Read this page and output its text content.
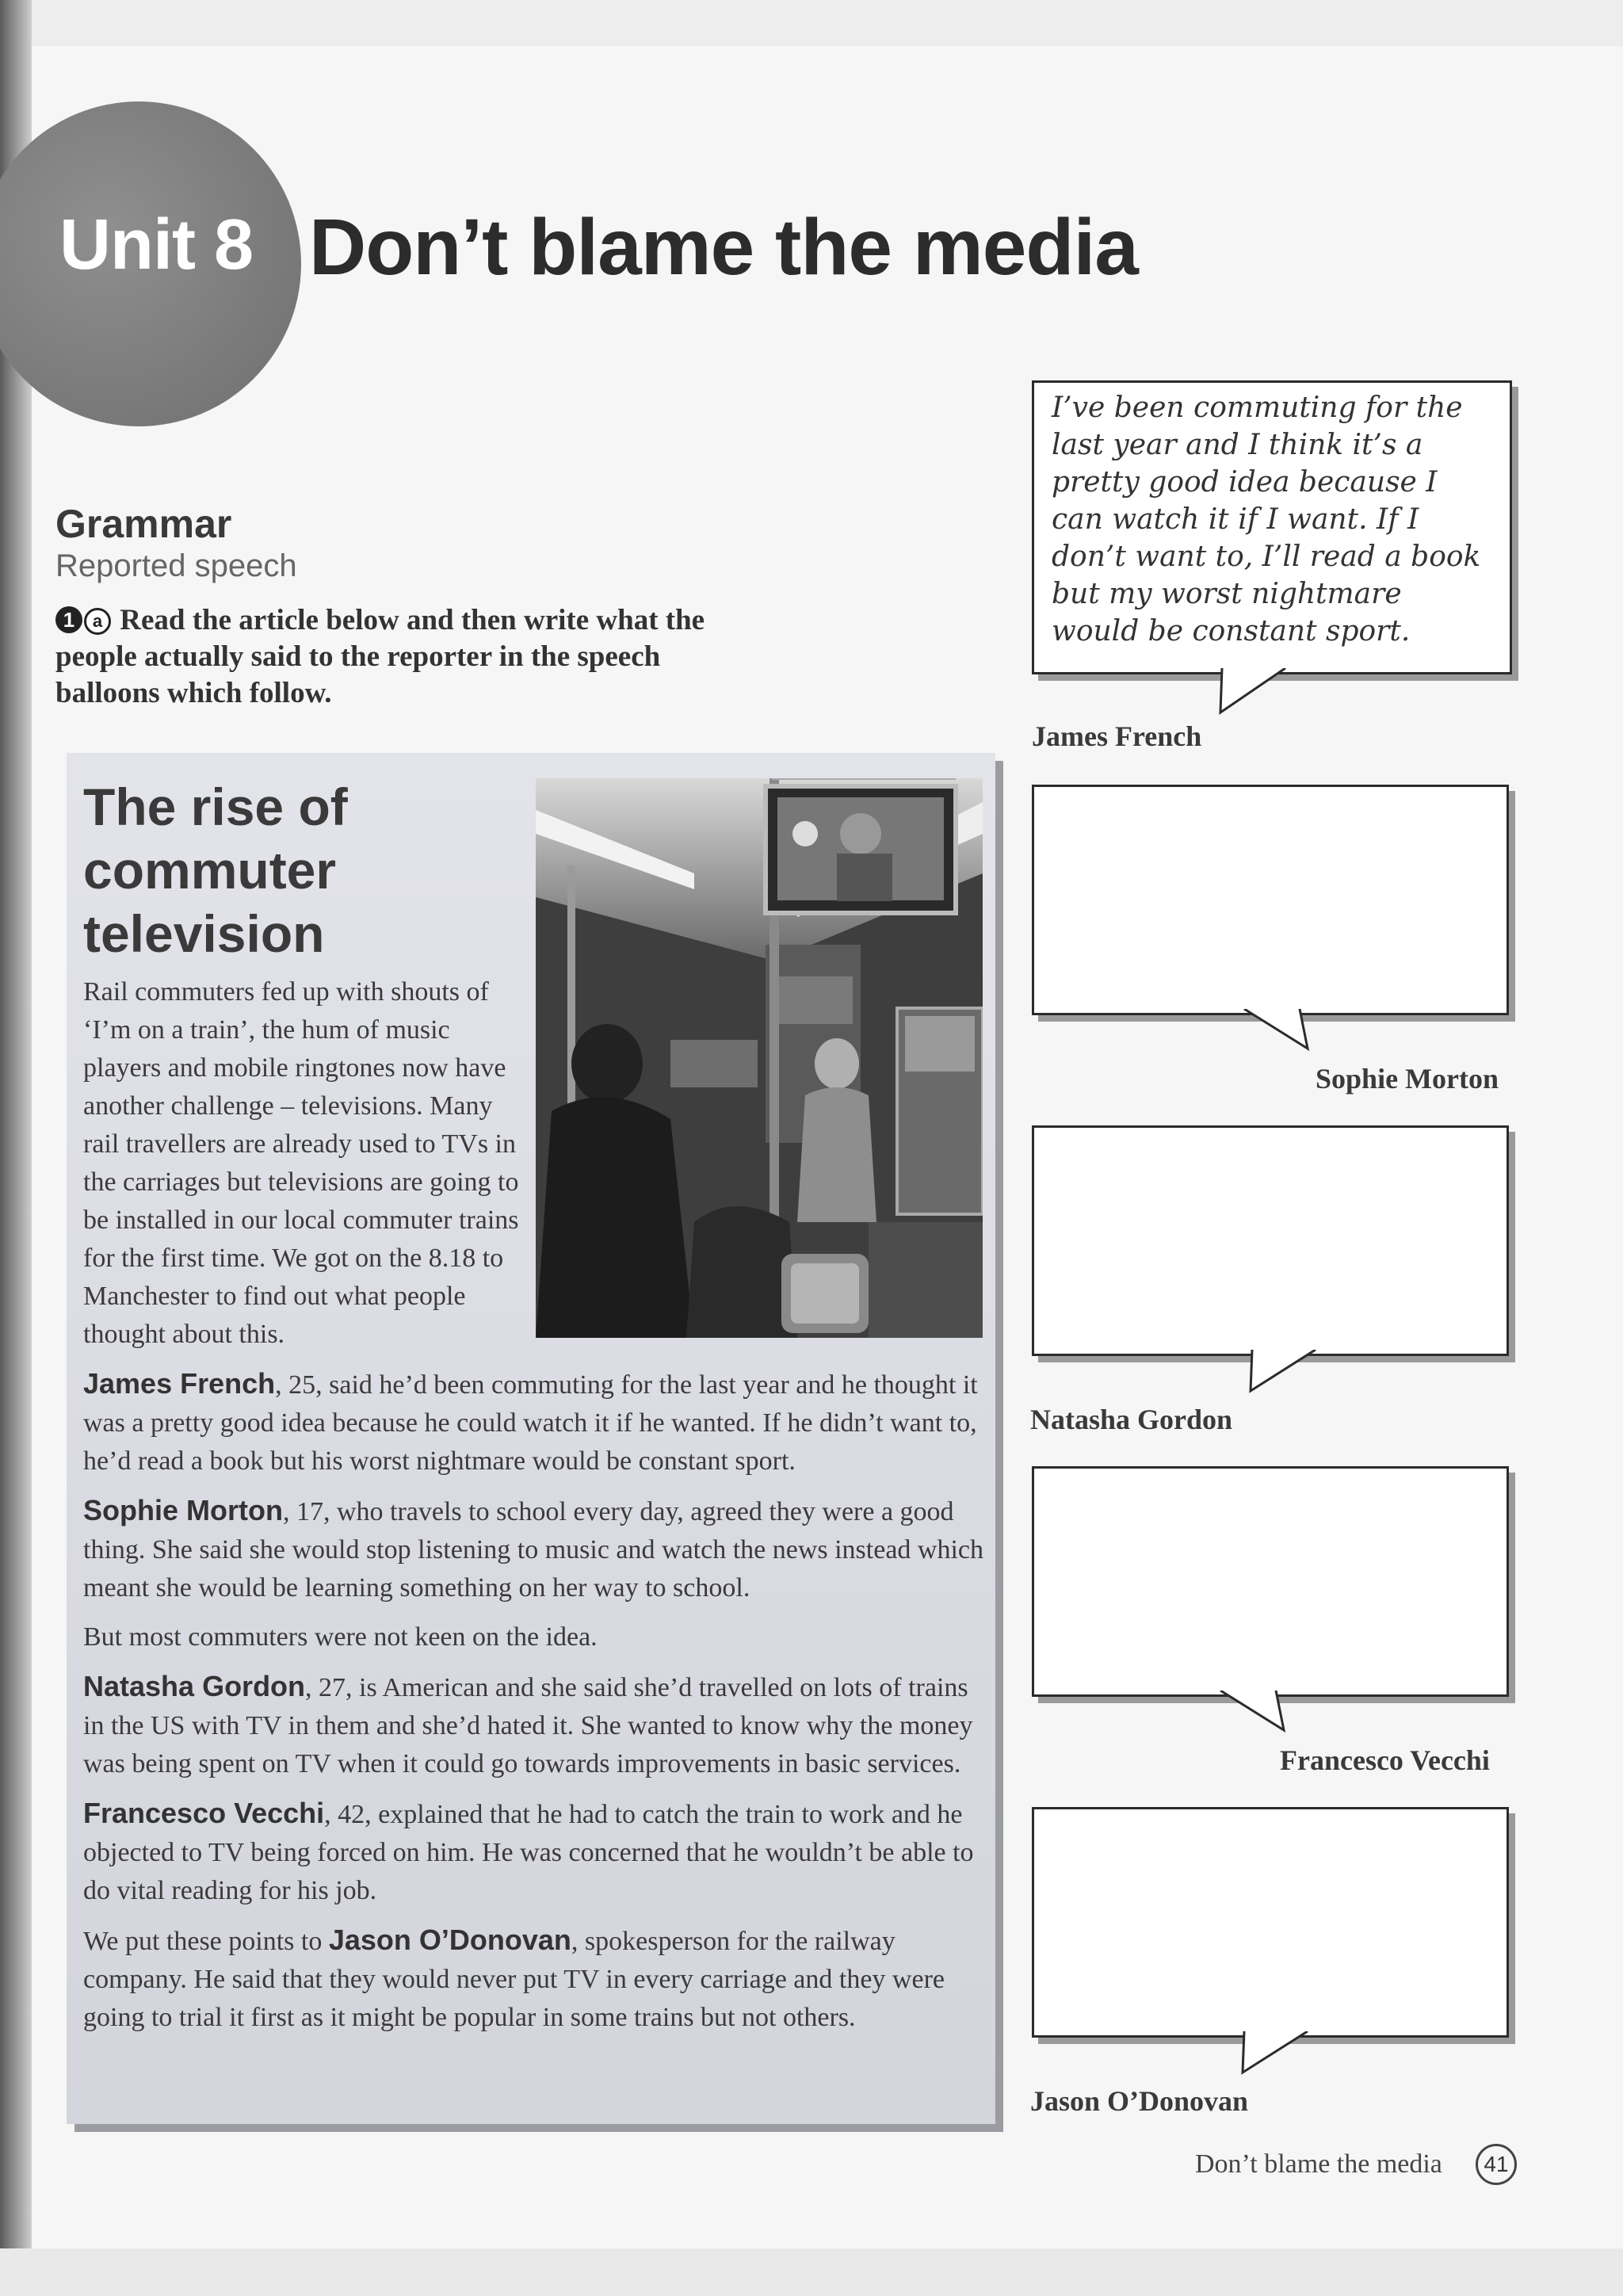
Unit 8 Don’t blame the media
Grammar
Reported speech
1 a Read the article below and then write what the people actually said to the reporter in the speech balloons which follow.
The rise of commuter television

Rail commuters fed up with shouts of ‘I’m on a train’, the hum of music players and mobile ringtones now have another challenge – televisions. Many rail travellers are already used to TVs in the carriages but televisions are going to be installed in our local commuter trains for the first time. We got on the 8.18 to Manchester to find out what people thought about this.

James French, 25, said he’d been commuting for the last year and he thought it was a pretty good idea because he could watch it if he wanted. If he didn’t want to, he’d read a book but his worst nightmare would be constant sport.

Sophie Morton, 17, who travels to school every day, agreed they were a good thing. She said she would stop listening to music and watch the news instead which meant she would be learning something on her way to school.

But most commuters were not keen on the idea.

Natasha Gordon, 27, is American and she said she’d travelled on lots of trains in the US with TV in them and she’d hated it. She wanted to know why the money was being spent on TV when it could go towards improvements in basic services.

Francesco Vecchi, 42, explained that he had to catch the train to work and he objected to TV being forced on him. He was concerned that he wouldn’t be able to do vital reading for his job.

We put these points to Jason O’Donovan, spokesperson for the railway company. He said that they would never put TV in every carriage and they were going to trial it first as it might be popular in some trains but not others.

I’ve been commuting for the last year and I think it’s a pretty good idea because I can watch it if I want. If I don’t want to, I’ll read a book but my worst nightmare would be constant sport.
James French
Sophie Morton
Natasha Gordon
Francesco Vecchi
Jason O’Donovan
Don’t blame the media	41
